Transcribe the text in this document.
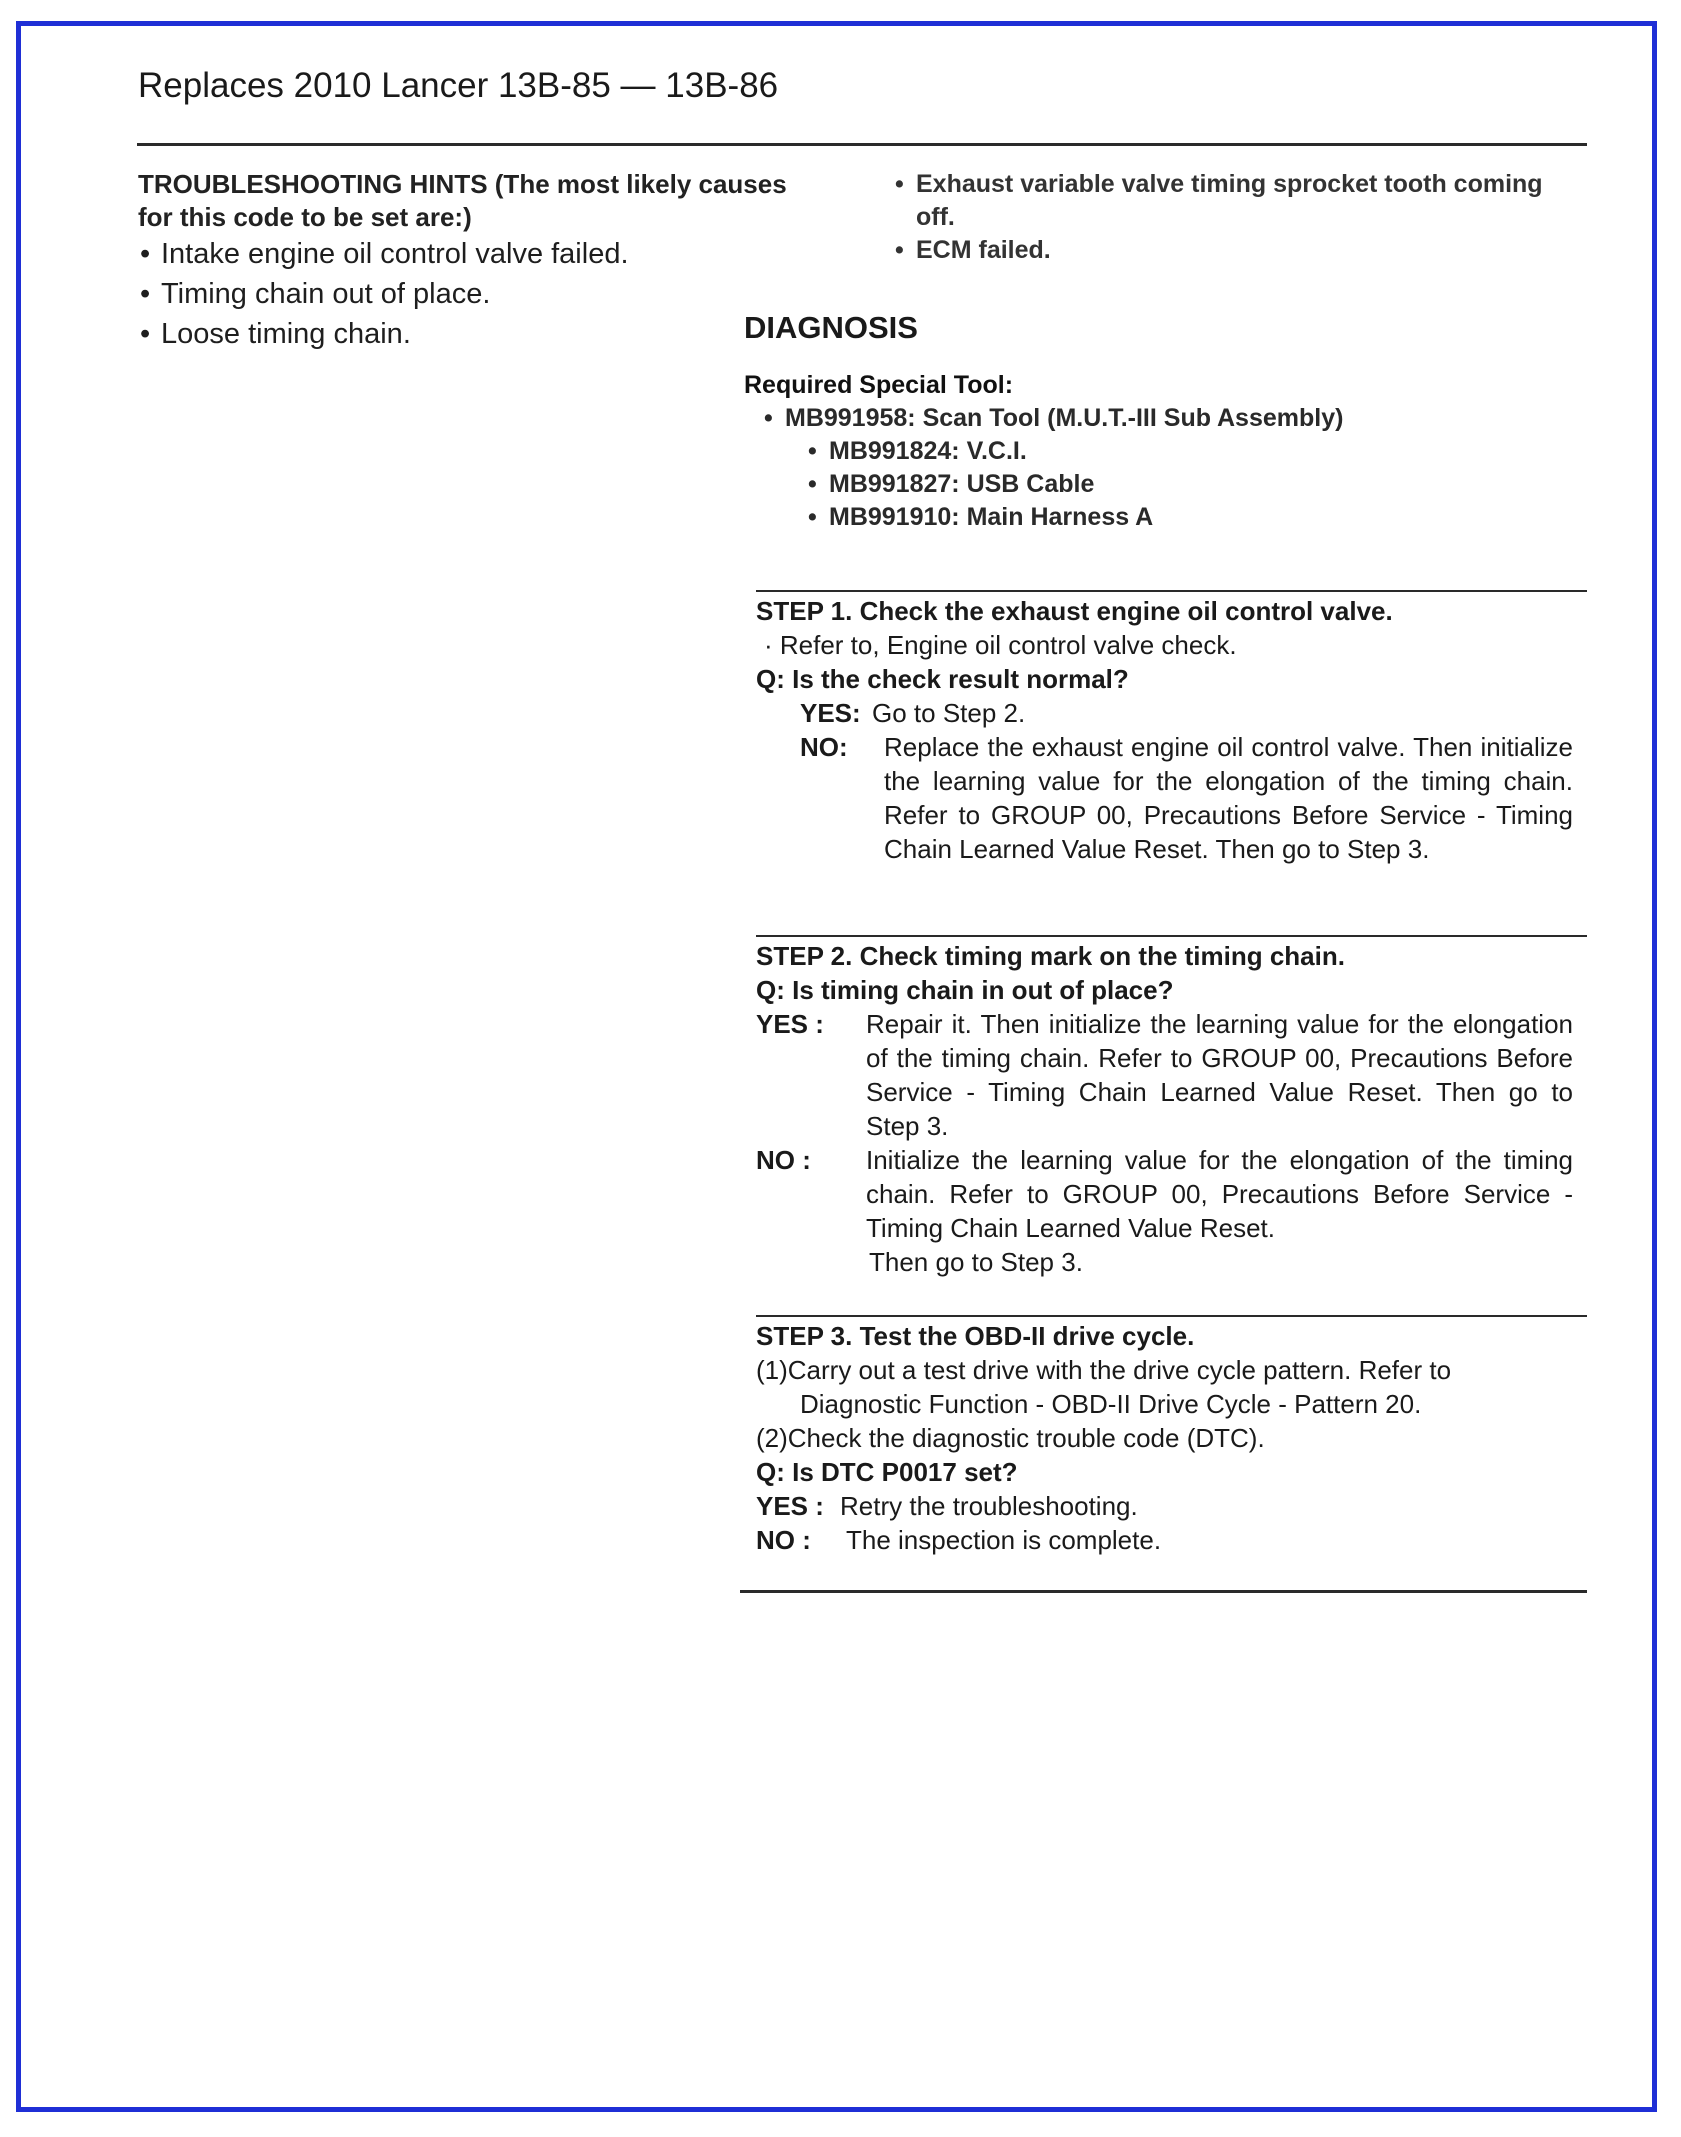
Replaces 2010 Lancer 13B-85 — 13B-86
TROUBLESHOOTING HINTS (The most likely causes for this code to be set are:)
• Intake engine oil control valve failed.
• Timing chain out of place.
• Loose timing chain.
• Exhaust variable valve timing sprocket tooth coming off.
• ECM failed.
DIAGNOSIS
Required Special Tool:
• MB991958: Scan Tool (M.U.T.-III Sub Assembly)
• MB991824: V.C.I.
• MB991827: USB Cable
• MB991910: Main Harness A
STEP 1. Check the exhaust engine oil control valve.
· Refer to, Engine oil control valve check.
Q: Is the check result normal?
YES: Go to Step 2.
NO:	Replace the exhaust engine oil control valve. Then initialize the learning value for the elongation of the timing chain. Refer to GROUP 00, Precautions Before Service - Timing Chain Learned Value Reset. Then go to Step 3.
STEP 2. Check timing mark on the timing chain.
Q: Is timing chain in out of place?
YES :	Repair it. Then initialize the learning value for the elongation of the timing chain. Refer to GROUP 00, Precautions Before Service - Timing Chain Learned Value Reset. Then go to Step 3.
NO :	Initialize the learning value for the elongation of the timing chain. Refer to GROUP 00, Precautions Before Service - Timing Chain Learned Value Reset.
Then go to Step 3.
STEP 3. Test the OBD-II drive cycle.
(1)Carry out a test drive with the drive cycle pattern. Refer to
Diagnostic Function - OBD-II Drive Cycle - Pattern 20.
(2)Check the diagnostic trouble code (DTC).
Q: Is DTC P0017 set?
YES : Retry the troubleshooting.
NO :	The inspection is complete.
